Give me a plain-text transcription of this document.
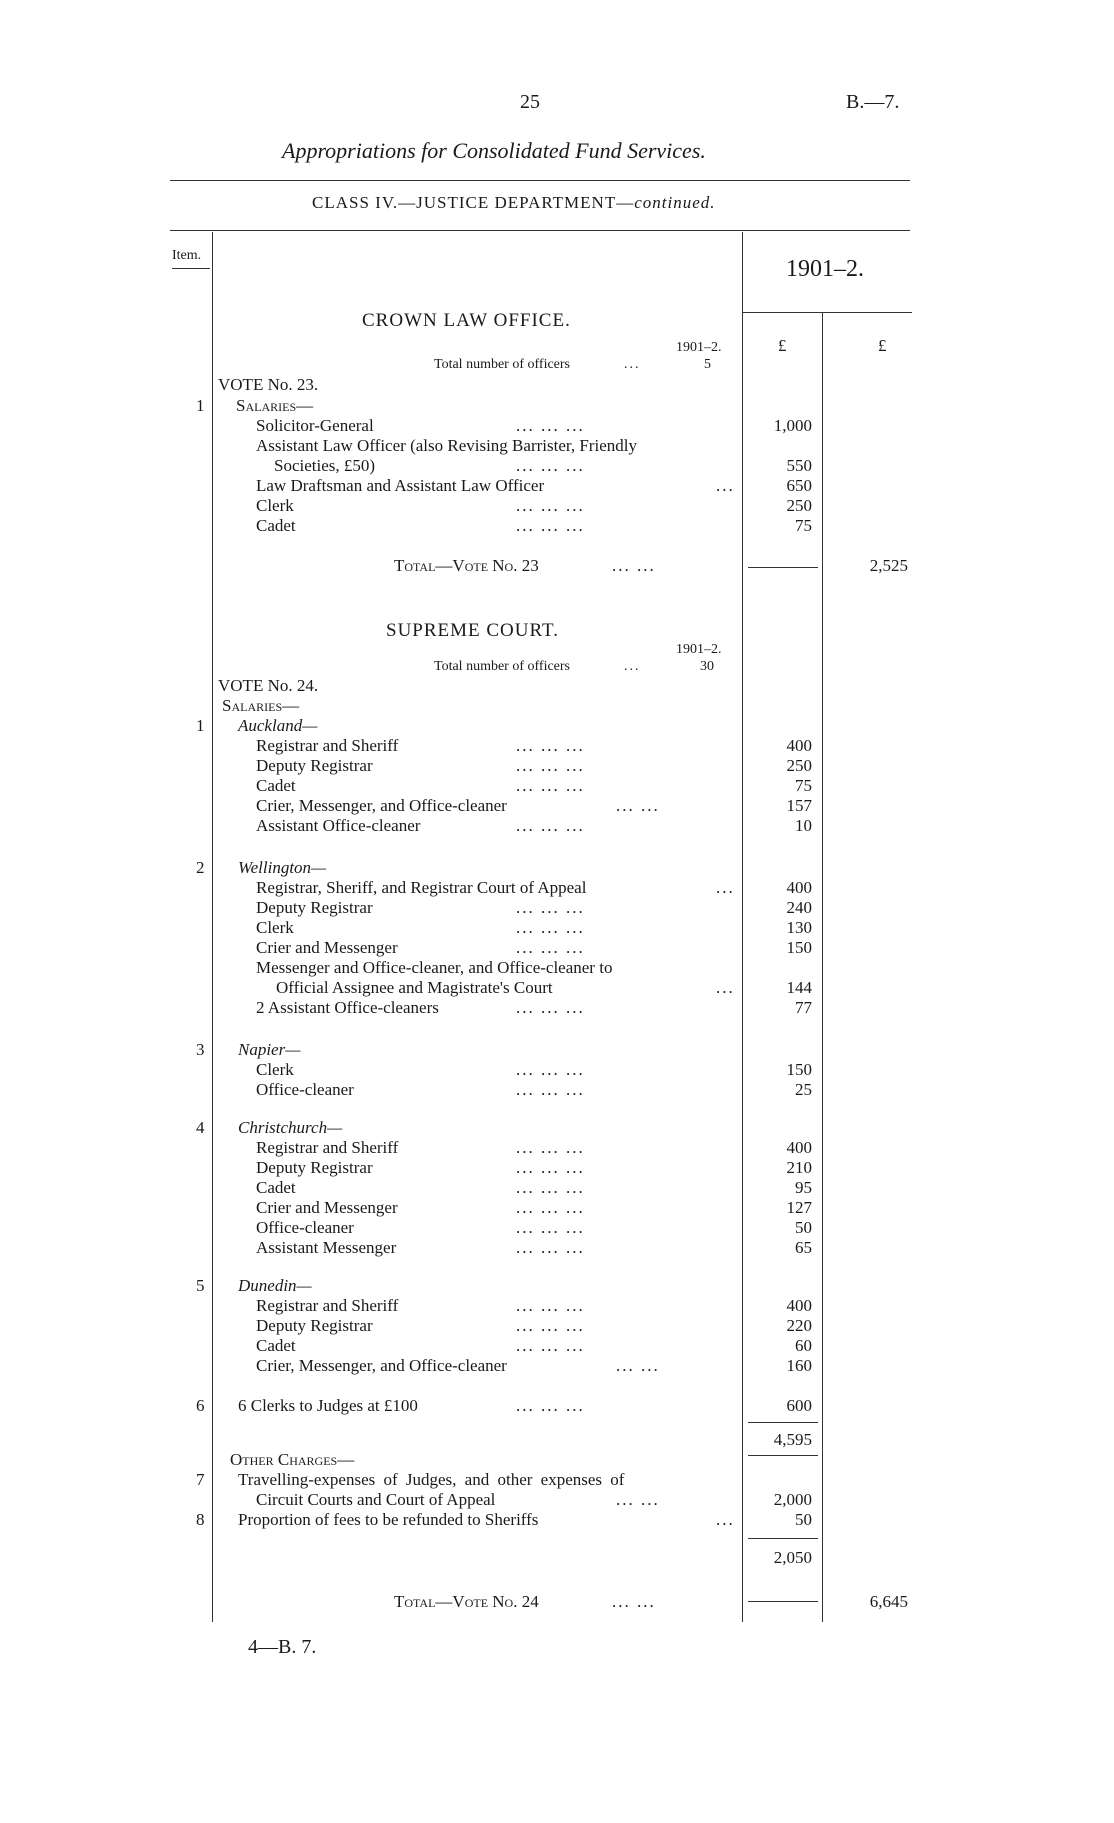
25	B.—7.
Appropriations for Consolidated Fund Services.
CLASS IV.—JUSTICE DEPARTMENT—continued.
Item.
1901–2.
CROWN LAW OFFICE.
1901–2.
Total number of officers	...	5
£	£
VOTE No. 23.
1 Salaries—
Solicitor-General	... ... ...	1,000
Assistant Law Officer (also Revising Barrister, Friendly
Societies, £50)	... ... ...	550
Law Draftsman and Assistant Law Officer	...	650
Clerk	... ... ...	250
Cadet	... ... ...	75
Total—Vote No. 23	... ...	2,525
SUPREME COURT.
1901–2.
Total number of officers	...	30
VOTE No. 24.
Salaries—
1 Auckland—
Registrar and Sheriff	... ... ...	400
Deputy Registrar	... ... ...	250
Cadet	... ... ...	75
Crier, Messenger, and Office-cleaner	... ...	157
Assistant Office-cleaner	... ... ...	10
2 Wellington—
Registrar, Sheriff, and Registrar Court of Appeal	...	400
Deputy Registrar	... ... ...	240
Clerk	... ... ...	130
Crier and Messenger	... ... ...	150
Messenger and Office-cleaner, and Office-cleaner to
Official Assignee and Magistrate's Court	...	144
2 Assistant Office-cleaners	... ... ...	77
3 Napier—
Clerk	... ... ...	150
Office-cleaner	... ... ...	25
4 Christchurch—
Registrar and Sheriff	... ... ...	400
Deputy Registrar	... ... ...	210
Cadet	... ... ...	95
Crier and Messenger	... ... ...	127
Office-cleaner	... ... ...	50
Assistant Messenger	... ... ...	65
5 Dunedin—
Registrar and Sheriff	... ... ...	400
Deputy Registrar	... ... ...	220
Cadet	... ... ...	60
Crier, Messenger, and Office-cleaner	... ...	160
6 6 Clerks to Judges at £100	... ... ...	600
4,595
Other Charges—
7 Travelling-expenses of Judges, and other expenses of
Circuit Courts and Court of Appeal	... ...	2,000
8 Proportion of fees to be refunded to Sheriffs	...	50
2,050
Total—Vote No. 24	... ...	6,645
4—B. 7.
